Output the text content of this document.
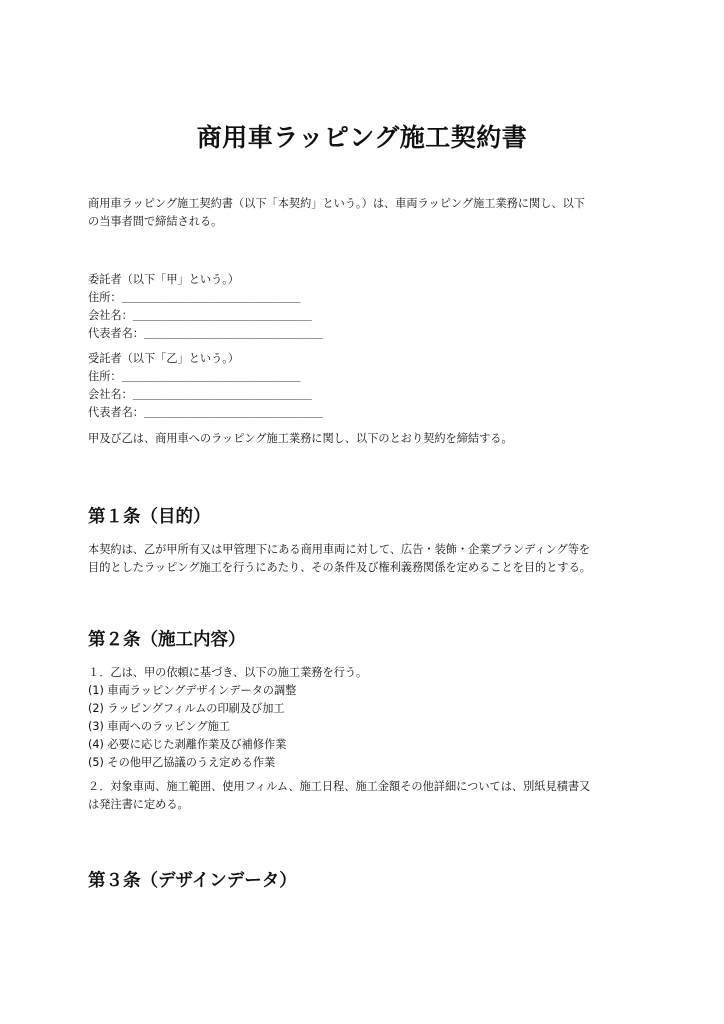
商用車ラッピング施工契約書

商用車ラッピング施工契約書（以下「本契約」という。）は、車両ラッピング施工業務に関し、以下

の当事者間で締結される。

委託者（以下「甲」という。）

住所：＿＿＿＿＿＿＿＿＿＿＿＿＿＿＿＿

会社名：＿＿＿＿＿＿＿＿＿＿＿＿＿＿＿＿

代表者名：＿＿＿＿＿＿＿＿＿＿＿＿＿＿＿＿

受託者（以下「乙」という。）

住所：＿＿＿＿＿＿＿＿＿＿＿＿＿＿＿＿

会社名：＿＿＿＿＿＿＿＿＿＿＿＿＿＿＿＿

代表者名：＿＿＿＿＿＿＿＿＿＿＿＿＿＿＿＿

甲及び乙は、商用車へのラッピング施工業務に関し、以下のとおり契約を締結する。

第１条（目的）

本契約は、乙が甲所有又は甲管理下にある商用車両に対して、広告・装飾・企業ブランディング等を

目的としたラッピング施工を行うにあたり、その条件及び権利義務関係を定めることを目的とする。

第２条（施工内容）

１．乙は、甲の依頼に基づき、以下の施工業務を行う。

(1) 車両ラッピングデザインデータの調整

(2) ラッピングフィルムの印刷及び加工

(3) 車両へのラッピング施工

(4) 必要に応じた剥離作業及び補修作業

(5) その他甲乙協議のうえ定める作業

２．対象車両、施工範囲、使用フィルム、施工日程、施工金額その他詳細については、別紙見積書又

は発注書に定める。

第３条（デザインデータ）
